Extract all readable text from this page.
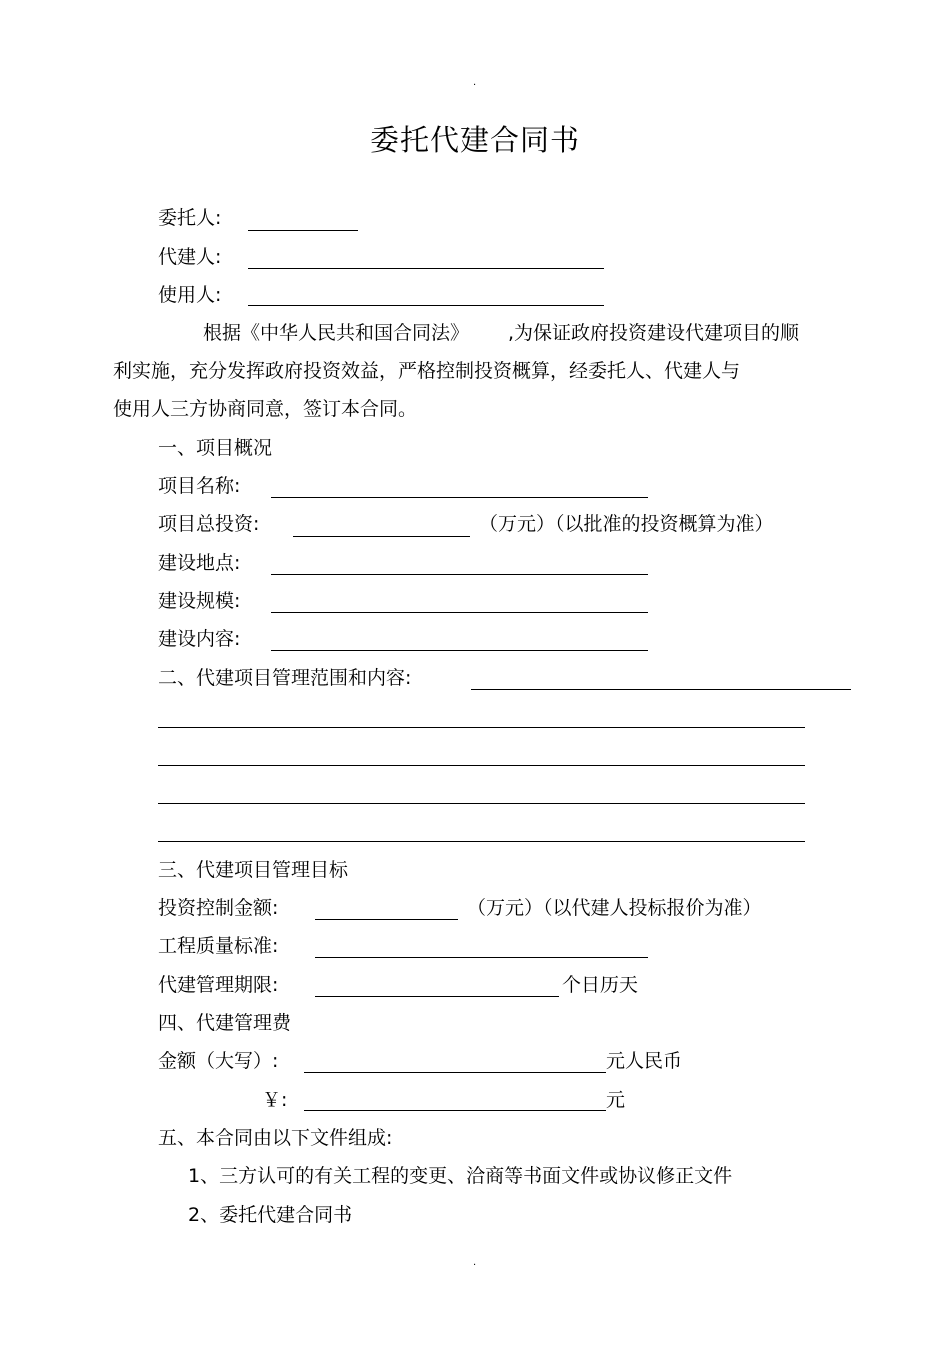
.
委托代建合同书
委托人:
代建人:
使用人:
根据《中华人民共和国合同法》 ,为保证政府投资建设代建项目的顺
利实施，充分发挥政府投资效益，严格控制投资概算，经委托人、代建人与
使用人三方协商同意，签订本合同。
一、项目概况
项目名称:
项目总投资:	（万元）（以批准的投资概算为准）
建设地点:
建设规模:
建设内容:
二、代建项目管理范围和内容:
三、代建项目管理目标
投资控制金额:	（万元）（以代建人投标报价为准）
工程质量标准:
代建管理期限:	个日历天
四、代建管理费
金额（大写）:	元人民币
￥:	元
五、本合同由以下文件组成:
1、三方认可的有关工程的变更、洽商等书面文件或协议修正文件
2、委托代建合同书
.
